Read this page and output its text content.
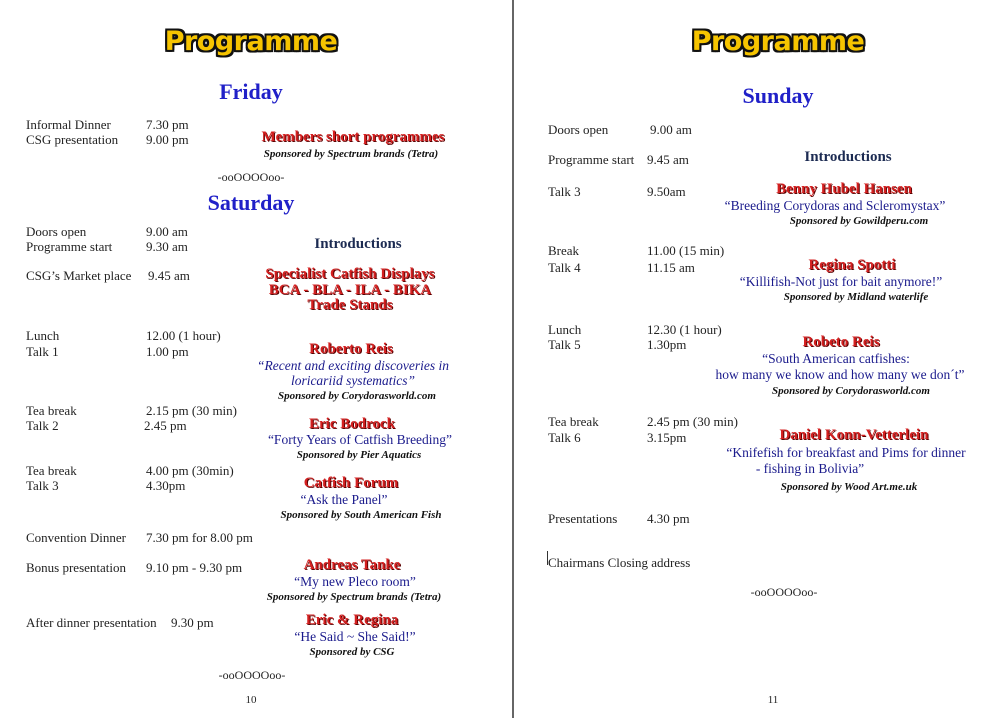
Programme
Friday
Informal Dinner	7.30 pm
CSG presentation 9.00 pm	Members short programmes
Sponsored by Spectrum brands (Tetra)
-ooOOOOoo-
Saturday
Doors open	9.00 am
Programme start	9.30 am	Introductions
CSG’s Market place 9.45 am	Specialist Catfish Displays
BCA - BLA - ILA - BIKA
Trade Stands
Lunch	12.00 (1 hour)
Talk 1	1.00 pm	Roberto Reis
“Recent and exciting discoveries in
loricariid systematics”
Sponsored by Corydorasworld.com
Tea break	2.15 pm (30 min)
Talk 2	2.45 pm	Eric Bodrock
“Forty Years of Catfish Breeding”
Sponsored by Pier Aquatics
Tea break	4.00 pm (30min)
Talk 3	4.30pm	Catfish Forum
“Ask the Panel”
Sponsored by South American Fish
Convention Dinner 7.30 pm for 8.00 pm
Bonus presentation 9.10 pm - 9.30 pm	Andreas Tanke
“My new Pleco room”
Sponsored by Spectrum brands (Tetra)
After dinner presentation 9.30 pm	Eric & Regina
“He Said ~ She Said!”
Sponsored by CSG
-ooOOOOoo-
10
Programme
Sunday
Doors open	9.00 am
Programme start 9.45 am	Introductions
Talk 3	9.50am	Benny Hubel Hansen
“Breeding Corydoras and Scleromystax”
Sponsored by Gowildperu.com
Break	11.00 (15 min)
Talk 4	11.15 am	Regina Spotti
“Killifish-Not just for bait anymore!”
Sponsored by Midland waterlife
Lunch	12.30 (1 hour)
Talk 5	1.30pm	Robeto Reis
“South American catfishes:
how many we know and how many we don´t”
Sponsored by Corydorasworld.com
Tea break	2.45 pm (30 min)
Talk 6	3.15pm	Daniel Konn-Vetterlein
“Knifefish for breakfast and Pims for dinner
- fishing in Bolivia”
Sponsored by Wood Art.me.uk
Presentations 4.30 pm
Chairmans Closing address
-ooOOOOoo-
11
